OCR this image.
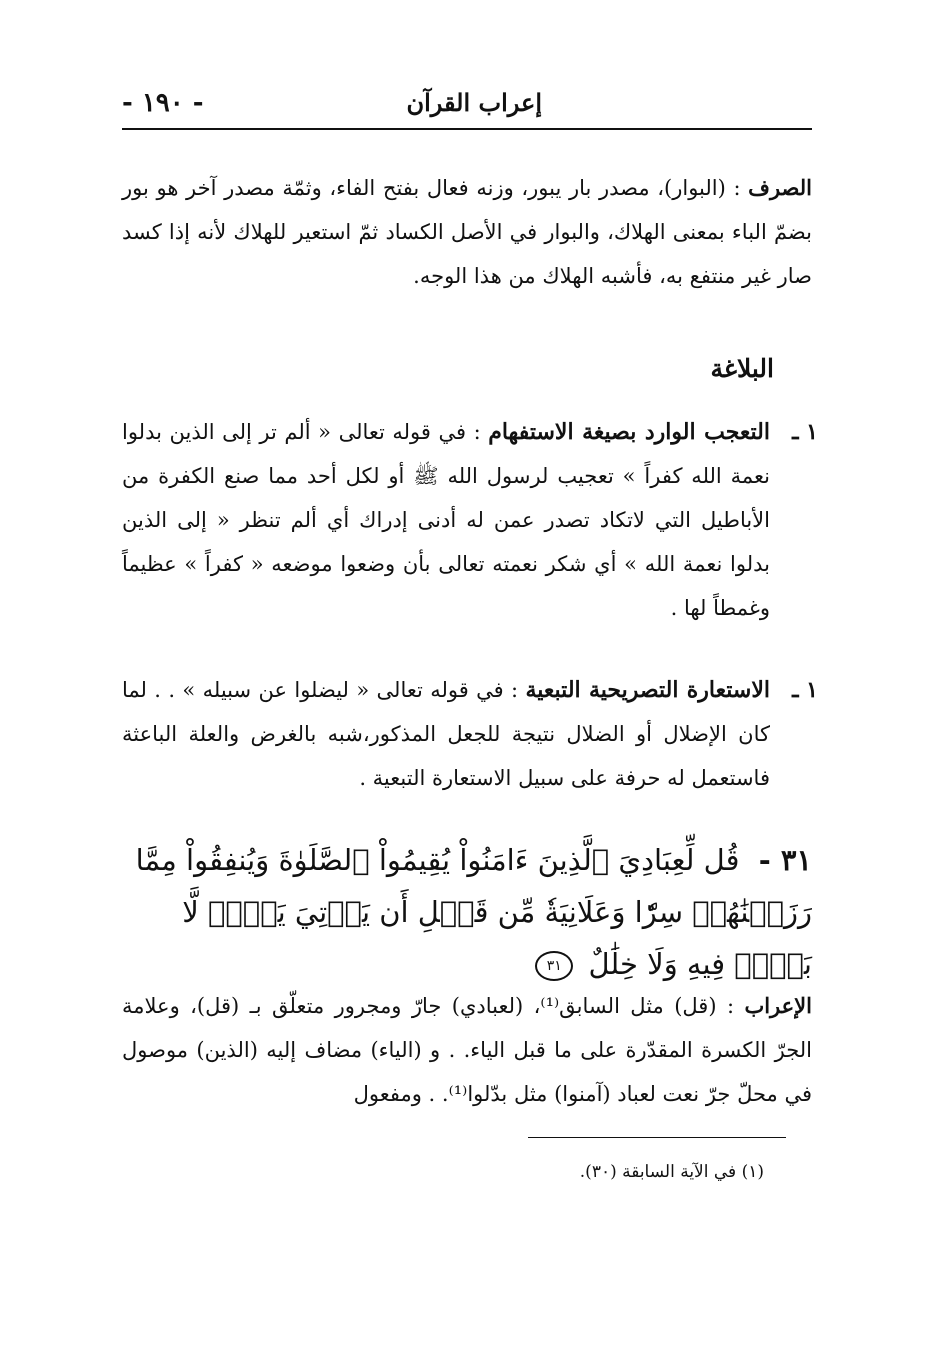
إعراب القرآن
- ١٩٠ -
الصرف : (البوار)، مصدر بار يبور، وزنه فعال بفتح الفاء، وثمّة مصدر آخر هو بور بضمّ الباء بمعنى الهلاك، والبوار في الأصل الكساد ثمّ استعير للهلاك لأنه إذا كسد صار غير منتفع به، فأشبه الهلاك من هذا الوجه.
البلاغة
١ ـ
التعجب الوارد بصيغة الاستفهام : في قوله تعالى « ألم تر إلى الذين بدلوا نعمة الله كفراً » تعجيب لرسول الله ﷺ أو لكل أحد مما صنع الكفرة من الأباطيل التي لاتكاد تصدر عمن له أدنى إدراك أي ألم تنظر « إلى الذين بدلوا نعمة الله » أي شكر نعمته تعالى بأن وضعوا موضعه « كفراً » عظيماً وغمطاً لها .
١ ـ
الاستعارة التصريحية التبعية : في قوله تعالى « ليضلوا عن سبيله » . . لما كان الإضلال أو الضلال نتيجة للجعل المذكور،شبه بالغرض والعلة الباعثة فاستعمل له حرفة على سبيل الاستعارة التبعية .
٣١ - قُل لِّعِبَادِيَ ٱلَّذِينَ ءَامَنُواْ يُقِيمُواْ ٱلصَّلَوٰةَ وَيُنفِقُواْ مِمَّا رَزَقۡنَٰهُمۡ سِرّٗا وَعَلَانِيَةٗ مِّن قَبۡلِ أَن يَأۡتِيَ يَوۡمٞ لَّا بَيۡعٞ فِيهِ وَلَا خِلَٰلٌ ٣١
الإعراب : (قل) مثل السابق⁽¹⁾، (لعبادي) جارّ ومجرور متعلّق بـ (قل)، وعلامة الجرّ الكسرة المقدّرة على ما قبل الياء. . و (الياء) مضاف إليه (الذين) موصول في محلّ جرّ نعت لعباد (آمنوا) مثل بدّلوا⁽¹⁾. . ومفعول
(١) في الآية السابقة (٣٠).
